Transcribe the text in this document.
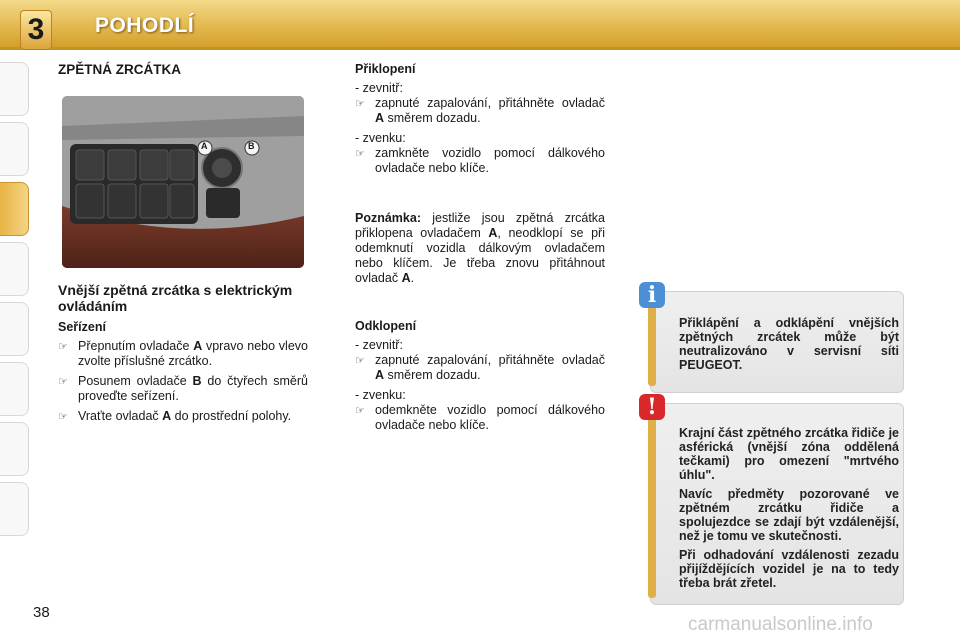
3	POHODLÍ
ZPĚTNÁ ZRCÁTKA
A	B
Vnější zpětná zrcátka s elektrickým ovládáním
Seřízení
☞ Přepnutím ovladače A vpravo nebo vlevo zvolte příslušné zrcátko.
☞ Posunem ovladače B do čtyřech směrů proveďte seřízení.
☞ Vraťte ovladač A do prostřední polohy.
Přiklopení
- zevnitř:
☞ zapnuté zapalování, přitáhněte ovladač A směrem dozadu.
- zvenku:
☞ zamkněte vozidlo pomocí dálkového ovladače nebo klíče.
Poznámka: jestliže jsou zpětná zrcátka přiklopena ovladačem A, neodklopí se při odemknutí vozidla dálkovým ovladačem nebo klíčem. Je třeba znovu přitáhnout ovladač A.
Odklopení
- zevnitř:
☞ zapnuté zapalování, přitáhněte ovladač A směrem dozadu.
- zvenku:
☞ odemkněte vozidlo pomocí dálkového ovladače nebo klíče.
i
Přiklápění a odklápění vnějších zpětných zrcátek může být neutralizováno v servisní síti PEUGEOT.
!
Krajní část zpětného zrcátka řidiče je asférická (vnější zóna oddělená tečkami) pro omezení "mrtvého úhlu".
Navíc předměty pozorované ve zpětném zrcátku řidiče a spolujezdce se zdají být vzdálenější, než je tomu ve skutečnosti.
Při odhadování vzdálenosti zezadu přijíždějících vozidel je na to tedy třeba brát zřetel.
38
carmanualsonline.info
